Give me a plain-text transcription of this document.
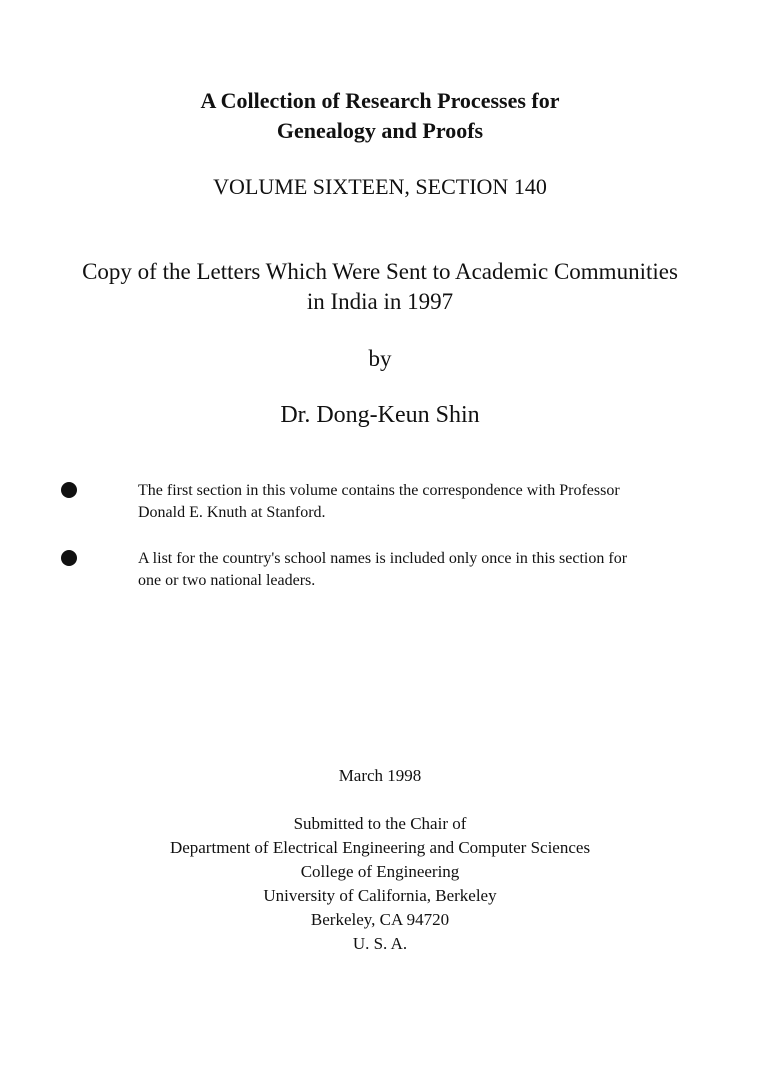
A Collection of Research Processes for
Genealogy and Proofs
VOLUME SIXTEEN, SECTION 140
Copy of the Letters Which Were Sent to Academic Communities
in India in 1997
by
Dr. Dong-Keun Shin
The first section in this volume contains the correspondence with Professor
Donald E. Knuth at Stanford.
A list for the country's school names is included only once in this section for
one or two national leaders.
March 1998
Submitted to the Chair of
Department of Electrical Engineering and Computer Sciences
College of Engineering
University of California, Berkeley
Berkeley, CA 94720
U. S. A.
